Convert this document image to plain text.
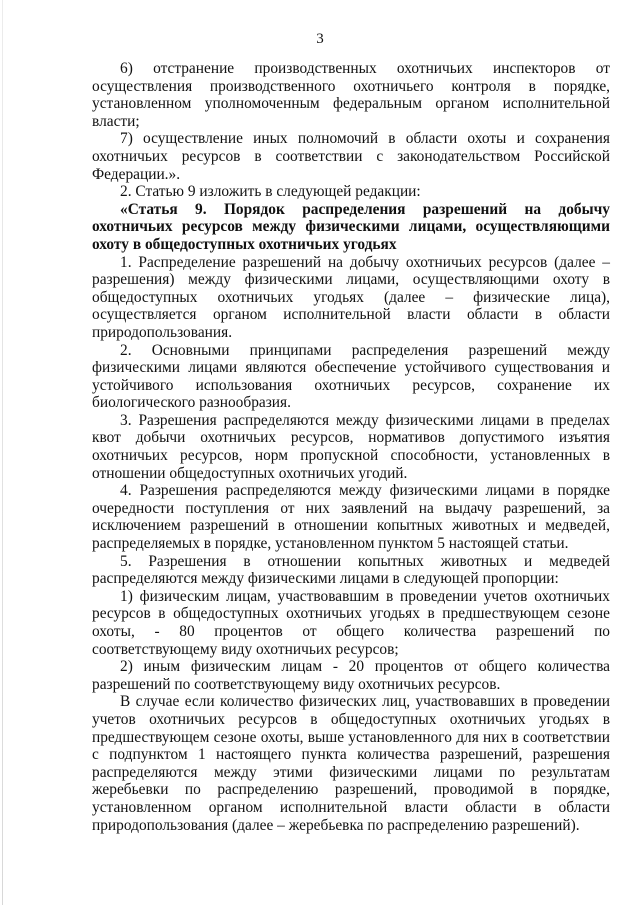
3

6)   отстранение   производственных   охотничьих   инспекторов   от осуществления производственного охотничьего контроля в порядке, установленном уполномоченным федеральным органом исполнительной власти;

7) осуществление иных полномочий в области охоты и сохранения охотничьих ресурсов в соответствии с законодательством Российской Федерации.».

2. Статью 9 изложить в следующей редакции:

«Статья 9. Порядок распределения разрешений на добычу охотничьих ресурсов между физическими лицами, осуществляющими охоту в общедоступных охотничьих угодьях

1. Распределение разрешений на добычу охотничьих ресурсов (далее – разрешения) между физическими лицами, осуществляющими охоту в общедоступных охотничьих угодьях (далее – физические лица), осуществляется органом исполнительной власти области в области природопользования.

2. Основными принципами распределения разрешений между физическими лицами являются обеспечение устойчивого существования и устойчивого использования охотничьих ресурсов, сохранение их биологического разнообразия.

3. Разрешения распределяются между физическими лицами в пределах квот добычи охотничьих ресурсов, нормативов допустимого изъятия охотничьих ресурсов, норм пропускной способности, установленных в отношении общедоступных охотничьих угодий.

4. Разрешения распределяются между физическими лицами в порядке очередности поступления от них заявлений на выдачу разрешений, за исключением разрешений в отношении копытных животных и медведей, распределяемых в порядке, установленном пунктом 5 настоящей статьи.

5. Разрешения в отношении копытных животных и медведей распределяются между физическими лицами в следующей пропорции:

1) физическим лицам, участвовавшим в проведении учетов охотничьих ресурсов в общедоступных охотничьих угодьях в предшествующем сезоне охоты, - 80 процентов от общего количества разрешений по соответствующему виду охотничьих ресурсов;

2) иным физическим лицам - 20 процентов от общего количества разрешений по соответствующему виду охотничьих ресурсов.

В случае если количество физических лиц, участвовавших в проведении учетов охотничьих ресурсов в общедоступных охотничьих угодьях в предшествующем сезоне охоты, выше установленного для них в соответствии с подпунктом 1 настоящего пункта количества разрешений, разрешения распределяются между этими физическими лицами по результатам жеребьевки по распределению разрешений, проводимой в порядке, установленном органом исполнительной власти области в области природопользования (далее – жеребьевка по распределению разрешений).
